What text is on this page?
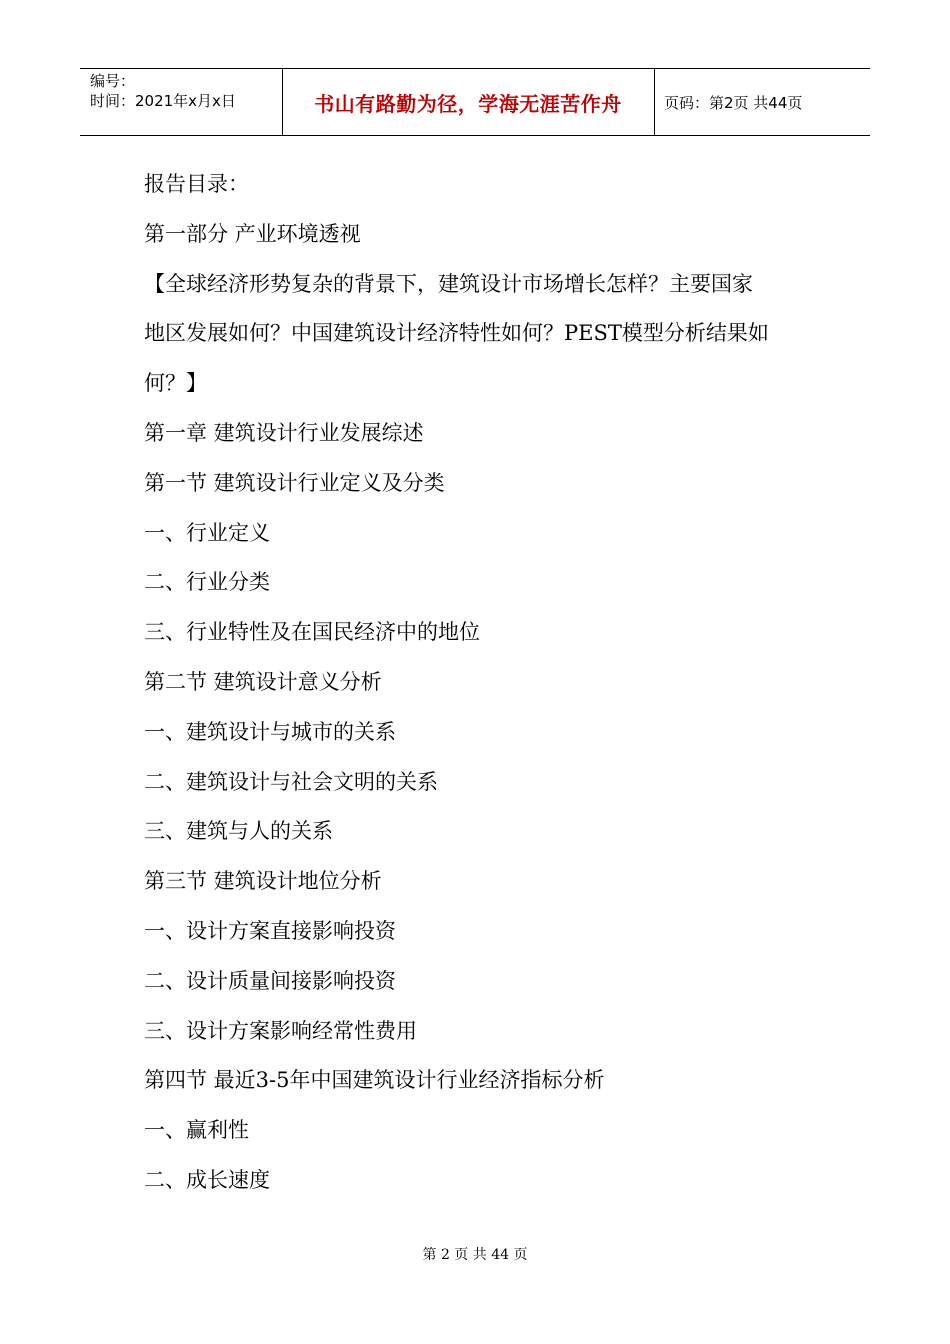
编号：
时间：2021年x月x日	书山有路勤为径，学海无涯苦作舟	页码：第2页 共44页

报告目录：

第一部分 产业环境透视

【全球经济形势复杂的背景下，建筑设计市场增长怎样？主要国家

地区发展如何？中国建筑设计经济特性如何？PEST模型分析结果如

何？】

第一章 建筑设计行业发展综述

第一节 建筑设计行业定义及分类

一、行业定义

二、行业分类

三、行业特性及在国民经济中的地位

第二节 建筑设计意义分析

一、建筑设计与城市的关系

二、建筑设计与社会文明的关系

三、建筑与人的关系

第三节 建筑设计地位分析

一、设计方案直接影响投资

二、设计质量间接影响投资

三、设计方案影响经常性费用

第四节 最近3-5年中国建筑设计行业经济指标分析

一、赢利性

二、成长速度

第 2 页 共 44 页
